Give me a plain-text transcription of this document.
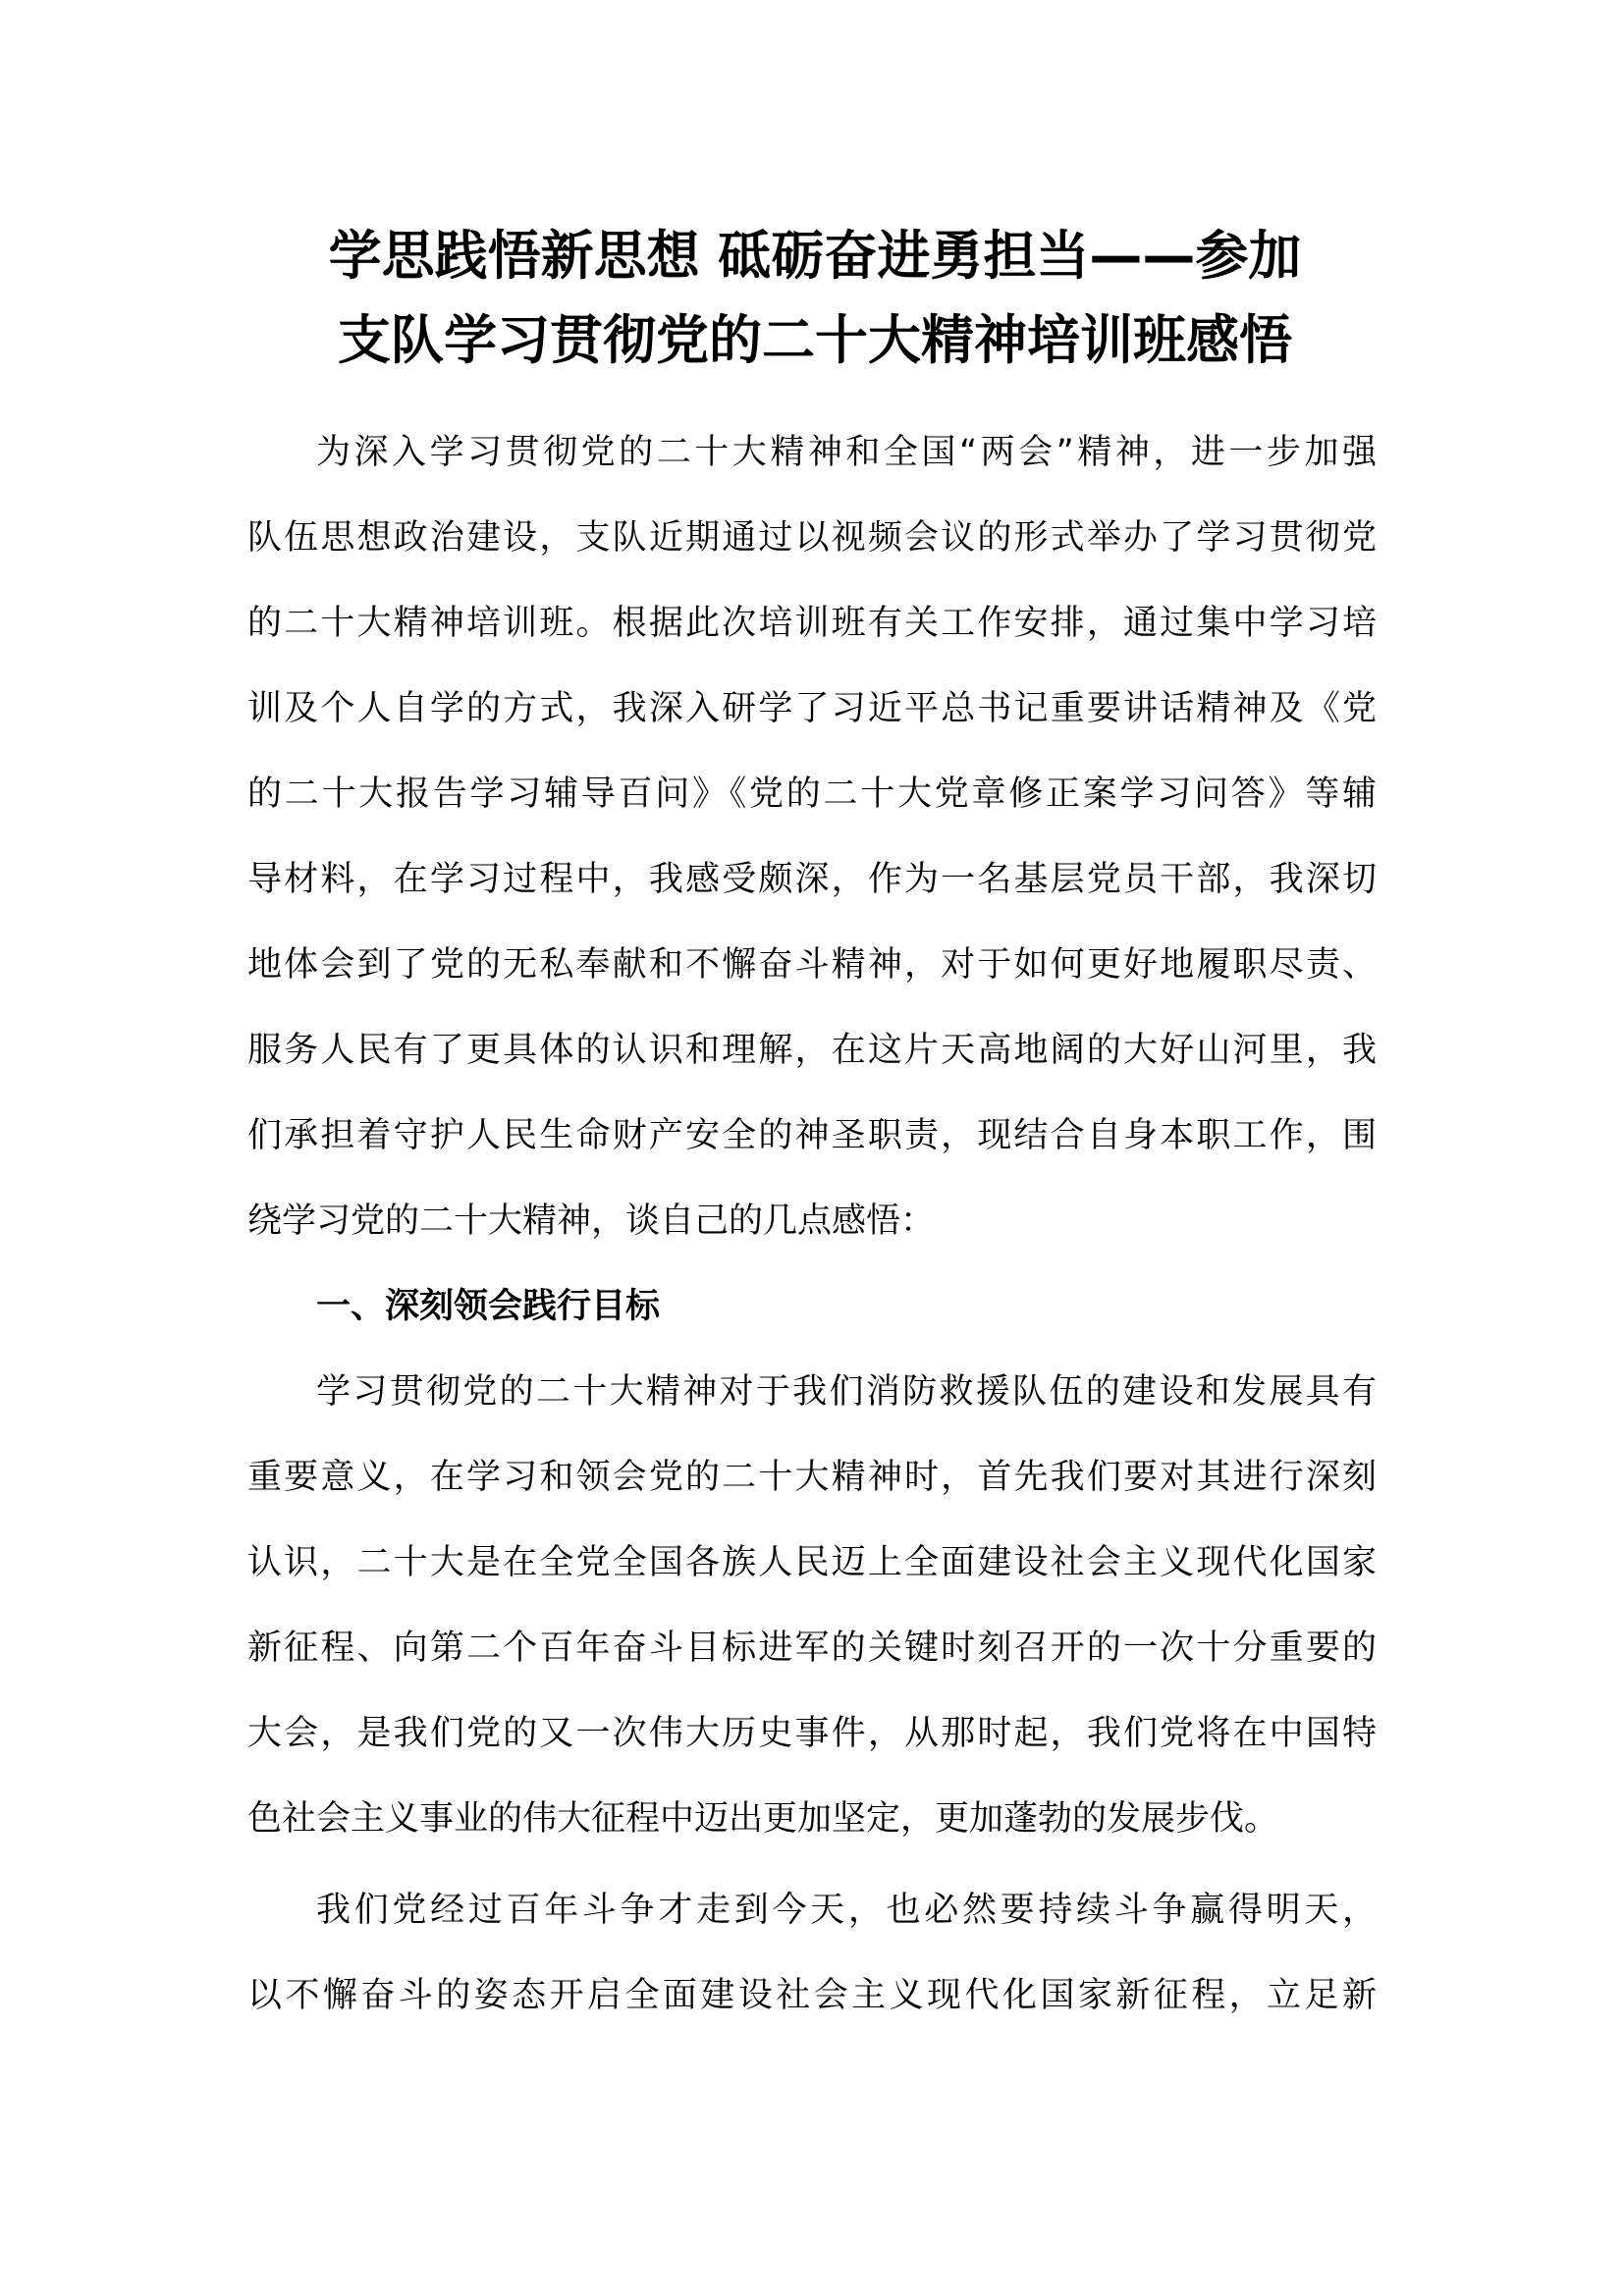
学思践悟新思想 砥砺奋进勇担当——参加
支队学习贯彻党的二十大精神培训班感悟

为深入学习贯彻党的二十大精神和全国“两会”精神，进一步加强
队伍思想政治建设，支队近期通过以视频会议的形式举办了学习贯彻党
的二十大精神培训班。根据此次培训班有关工作安排，通过集中学习培
训及个人自学的方式，我深入研学了习近平总书记重要讲话精神及《党
的二十大报告学习辅导百问》《党的二十大党章修正案学习问答》等辅
导材料，在学习过程中，我感受颇深，作为一名基层党员干部，我深切
地体会到了党的无私奉献和不懈奋斗精神，对于如何更好地履职尽责、
服务人民有了更具体的认识和理解，在这片天高地阔的大好山河里，我
们承担着守护人民生命财产安全的神圣职责，现结合自身本职工作，围
绕学习党的二十大精神，谈自己的几点感悟：

一、深刻领会践行目标

学习贯彻党的二十大精神对于我们消防救援队伍的建设和发展具有
重要意义，在学习和领会党的二十大精神时，首先我们要对其进行深刻
认识，二十大是在全党全国各族人民迈上全面建设社会主义现代化国家
新征程、向第二个百年奋斗目标进军的关键时刻召开的一次十分重要的
大会，是我们党的又一次伟大历史事件，从那时起，我们党将在中国特
色社会主义事业的伟大征程中迈出更加坚定，更加蓬勃的发展步伐。

我们党经过百年斗争才走到今天，也必然要持续斗争赢得明天，
以不懈奋斗的姿态开启全面建设社会主义现代化国家新征程，立足新
